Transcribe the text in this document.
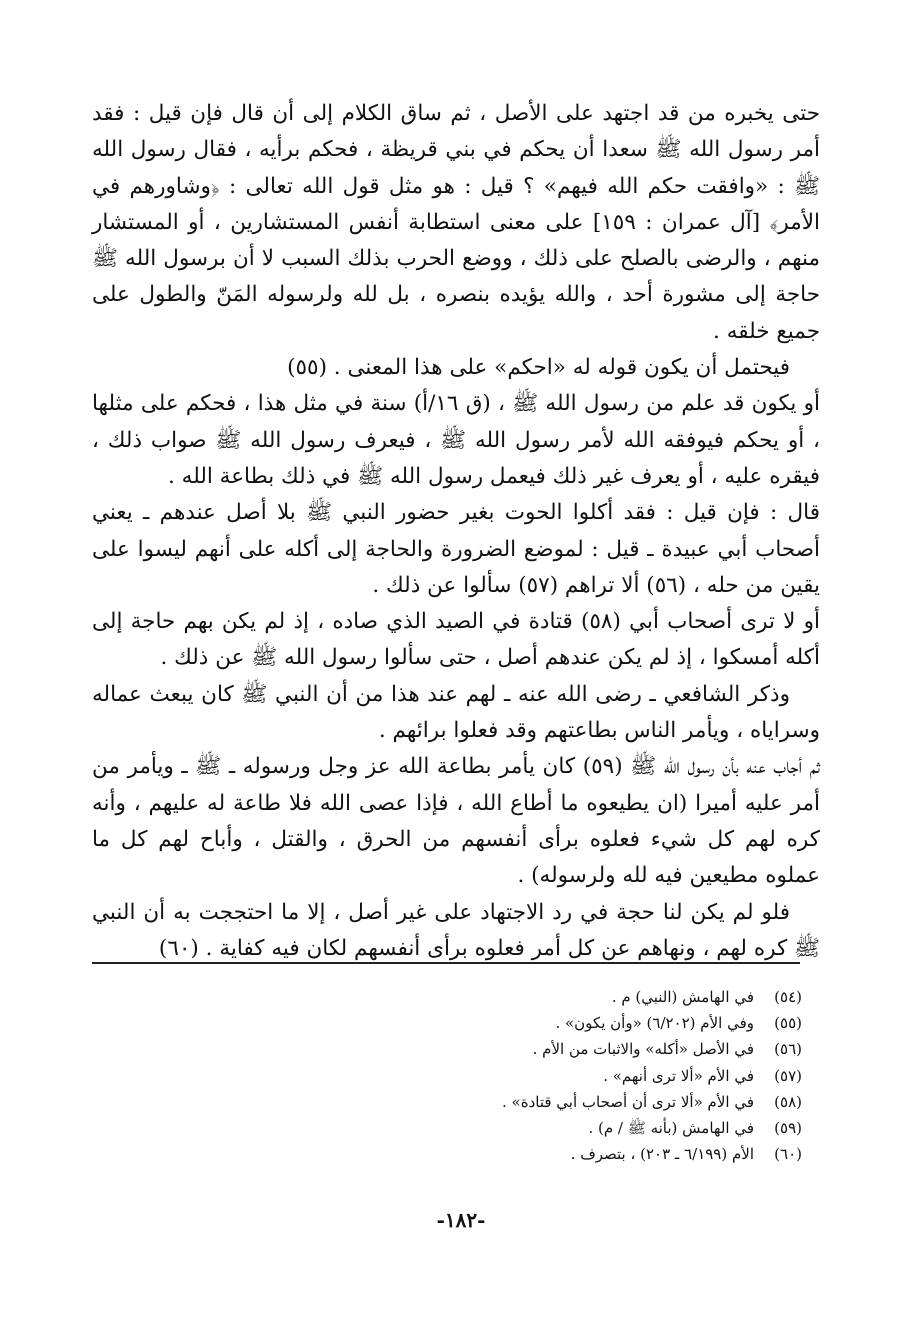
حتى يخبره من قد اجتهد على الأصل ، ثم ساق الكلام إلى أن قال فإن قيل : فقد أمر رسول الله ﷺ سعدا أن يحكم في بني قريظة ، فحكم برأيه ، فقال رسول الله ﷺ : «وافقت حكم الله فيهم» ؟ قيل : هو مثل قول الله تعالى : ﴿وشاورهم في الأمر﴾ [آل عمران : ١٥٩] على معنى استطابة أنفس المستشارين ، أو المستشار منهم ، والرضى بالصلح على ذلك ، ووضع الحرب بذلك السبب لا أن برسول الله ﷺ حاجة إلى مشورة أحد ، والله يؤيده بنصره ، بل لله ولرسوله المَنّ والطول على جميع خلقه .

فيحتمل أن يكون قوله له «احكم» على هذا المعنى . (٥٥)

أو يكون قد علم من رسول الله ﷺ ، (ق ١٦/أ) سنة في مثل هذا ، فحكم على مثلها ، أو يحكم فيوفقه الله لأمر رسول الله ﷺ ، فيعرف رسول الله ﷺ صواب ذلك ، فيقره عليه ، أو يعرف غير ذلك فيعمل رسول الله ﷺ في ذلك بطاعة الله .

قال : فإن قيل : فقد أكلوا الحوت بغير حضور النبي ﷺ بلا أصل عندهم ـ يعني أصحاب أبي عبيدة ـ قيل : لموضع الضرورة والحاجة إلى أكله على أنهم ليسوا على يقين من حله ، (٥٦) ألا تراهم (٥٧) سألوا عن ذلك .

أو لا ترى أصحاب أبي (٥٨) قتادة في الصيد الذي صاده ، إذ لم يكن بهم حاجة إلى أكله أمسكوا ، إذ لم يكن عندهم أصل ، حتى سألوا رسول الله ﷺ عن ذلك .

وذكر الشافعي ـ رضى الله عنه ـ لهم عند هذا من أن النبي ﷺ كان يبعث عماله وسراياه ، ويأمر الناس بطاعتهم وقد فعلوا برائهم .

ثم أجاب عنه بأن رسول الله ﷺ (٥٩) كان يأمر بطاعة الله عز وجل ورسوله ـ ﷺ ـ ويأمر من أمر عليه أميرا (ان يطيعوه ما أطاع الله ، فإذا عصى الله فلا طاعة له عليهم ، وأنه كره لهم كل شيء فعلوه برأى أنفسهم من الحرق ، والقتل ، وأباح لهم كل ما عملوه مطيعين فيه لله ولرسوله) .

فلو لم يكن لنا حجة في رد الاجتهاد على غير أصل ، إلا ما احتججت به أن النبي ﷺ كره لهم ، ونهاهم عن كل أمر فعلوه برأى أنفسهم لكان فيه كفاية . (٦٠)

(٥٤)في الهامش (النبي) م .
(٥٥)وفي الأم (٦/٢٠٢) «وأن يكون» .
(٥٦)في الأصل «أكله» والاثبات من الأم .
(٥٧)في الأم «ألا ترى أنهم» .
(٥٨)في الأم «ألا ترى أن أصحاب أبي قتادة» .
(٥٩)في الهامش (بأنه ﷺ / م) .
(٦٠)الأم (٦/١٩٩ ـ ٢٠٣) ، بتصرف .
-١٨٢-
